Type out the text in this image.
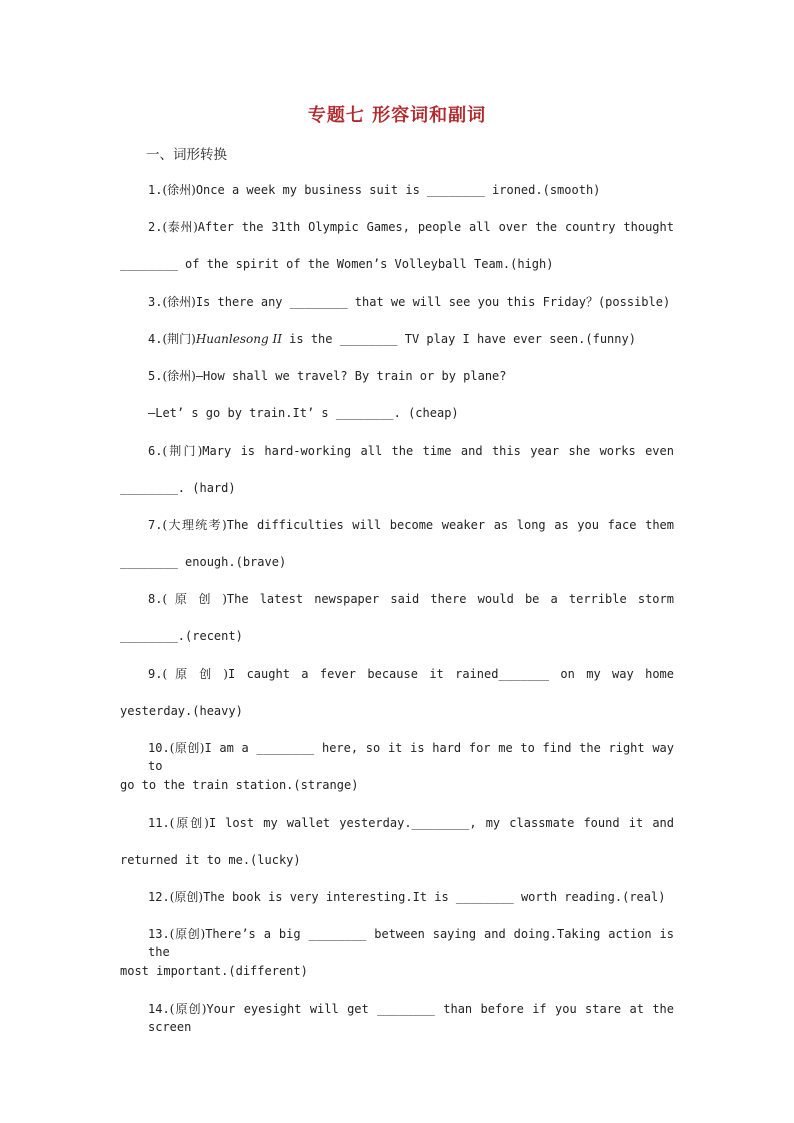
专题七 形容词和副词
一、词形转换
1.(徐州)Once a week my business suit is ________ ironed.(smooth)
2.(泰州)After the 31th Olympic Games, people all over the country thought
________ of the spirit of the Women’s Volleyball Team.(high)
3.(徐州)Is there any ________ that we will see you this Friday？(possible)
4.(荆门)Huanlesong II is the ________ TV play I have ever seen.(funny)
5.(徐州)—How shall we travel? By train or by plane?
—Let’ s go by train.It’ s ________. (cheap)
6.(荆门)Mary is hard-working all the time and this year she works even
________. (hard)
7.(大理统考)The difficulties will become weaker as long as you face them
________ enough.(brave)
8.( 原 创 )The latest newspaper said there would be a terrible storm
________.(recent)
9.( 原 创 )I caught a fever because it rained_______ on my way home
yesterday.(heavy)
10.(原创)I am a ________ here, so it is hard for me to find the right way to
go to the train station.(strange)
11.(原创)I lost my wallet yesterday.________, my classmate found it and
returned it to me.(lucky)
12.(原创)The book is very interesting.It is ________ worth reading.(real)
13.(原创)There’s a big ________ between saying and doing.Taking action is the
most important.(different)
14.(原创)Your eyesight will get ________ than before if you stare at the screen
